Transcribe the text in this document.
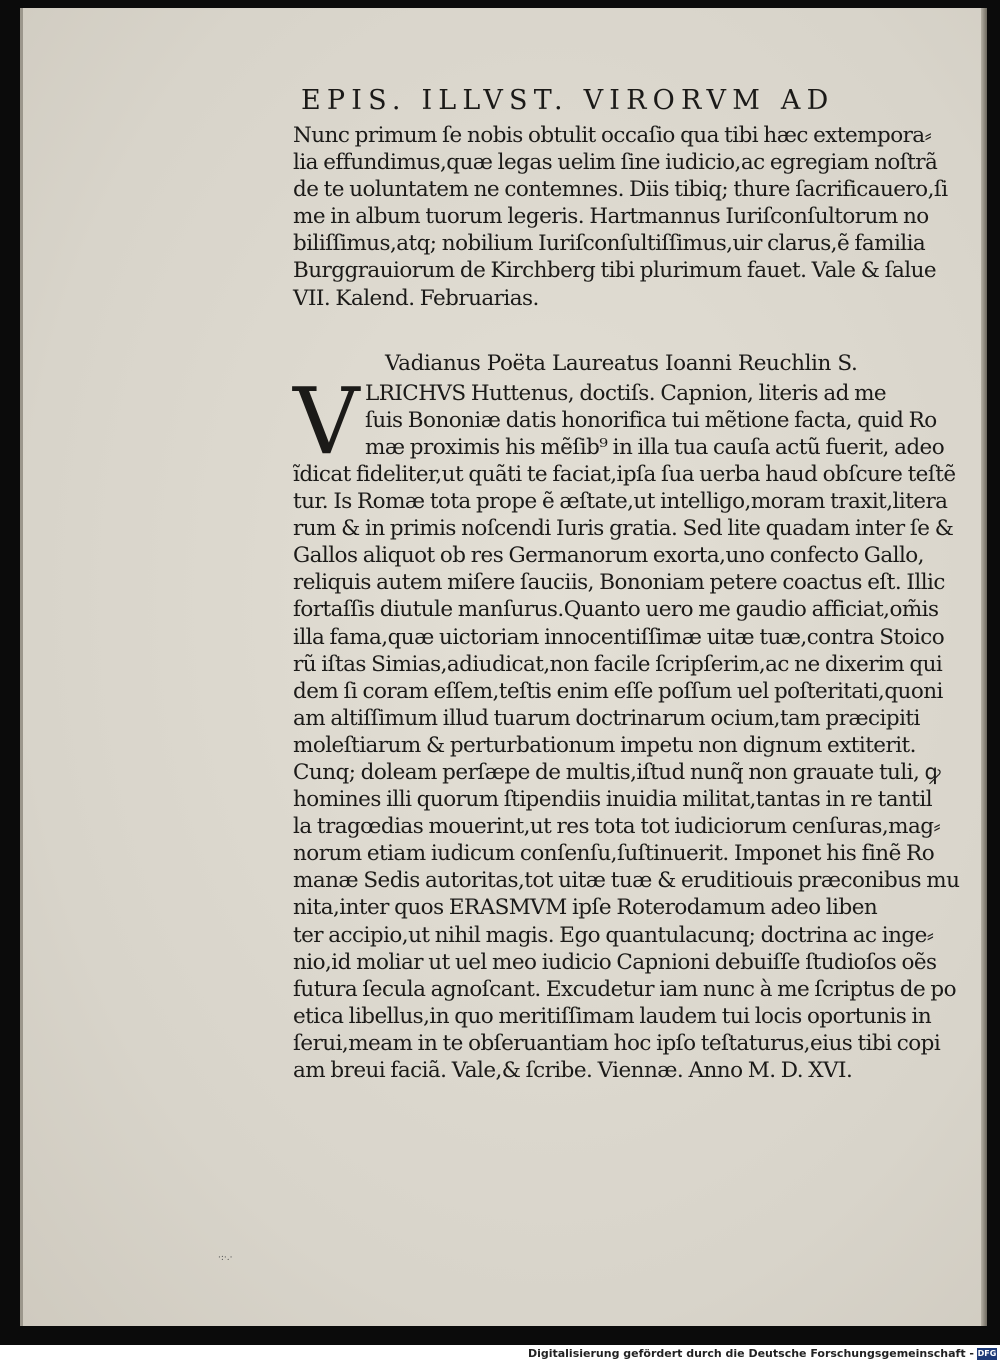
EPIS. ILLVST. VIRORVM AD
Nunc primum ſe nobis obtulit occaſio qua tibi hæc extempora⸗
lia effundimus,quæ legas uelim ſine iudicio,ac egregiam noſtrã
de te uoluntatem ne contemnes. Diis tibiq; thure ſacrificauero,ſi
me in album tuorum legeris. Hartmannus Iuriſconſultorum no
biliſſimus,atq; nobilium Iuriſconſultiſſimus,uir clarus,ẽ familia
Burggrauiorum de Kirchberg tibi plurimum fauet. Vale & ſalue
VII. Kalend. Februarias.
Vadianus Poëta Laureatus Ioanni Reuchlin S.
V LRICHVS Huttenus, doctiſs. Capnion, literis ad me
ſuis Bononiæ datis honorifica tui mẽtione facta, quid Ro
mæ proximis his mẽſib⁹ in illa tua cauſa actũ fuerit, adeo
ĩdicat fideliter,ut quãti te faciat,ipſa ſua uerba haud obſcure teſtẽ
tur. Is Romæ tota prope ẽ æſtate,ut intelligo,moram traxit,litera
rum & in primis noſcendi Iuris gratia. Sed lite quadam inter ſe &
Gallos aliquot ob res Germanorum exorta,uno confecto Gallo,
reliquis autem miſere ſauciis, Bononiam petere coactus eſt. Illic
fortaſſis diutule manſurus.Quanto uero me gaudio afficiat,om̃is
illa fama,quæ uictoriam innocentiſſimæ uitæ tuæ,contra Stoico
rũ iſtas Simias,adiudicat,non facile ſcripſerim,ac ne dixerim qui
dem ſi coram eſſem,teſtis enim eſſe poſſum uel poſteritati,quoni
am altiſſimum illud tuarum doctrinarum ocium,tam præcipiti
moleſtiarum & perturbationum impetu non dignum extiterit.
Cunq; doleam perſæpe de multis,iſtud nunq̃ non grauate tuli, ꝙ
homines illi quorum ſtipendiis inuidia militat,tantas in re tantil
la tragœdias mouerint,ut res tota tot iudiciorum cenſuras,mag⸗
norum etiam iudicum conſenſu,ſuſtinuerit. Imponet his finẽ Ro
manæ Sedis autoritas,tot uitæ tuæ & eruditiouis præconibus mu
nita,inter quos ERASMVM ipſe Roterodamum adeo liben
ter accipio,ut nihil magis. Ego quantulacunq; doctrina ac inge⸗
nio,id moliar ut uel meo iudicio Capnioni debuiſſe ſtudioſos oẽs
futura ſecula agnoſcant. Excudetur iam nunc à me ſcriptus de po
etica libellus,in quo meritiſſimam laudem tui locis oportunis in
ſerui,meam in te obſeruantiam hoc ipſo teſtaturus,eius tibi copi
am breui faciã. Vale,& ſcribe. Viennæ. Anno M. D. XVI.
·:·.·
Digitalisierung gefördert durch die Deutsche Forschungsgemeinschaft - DFG
